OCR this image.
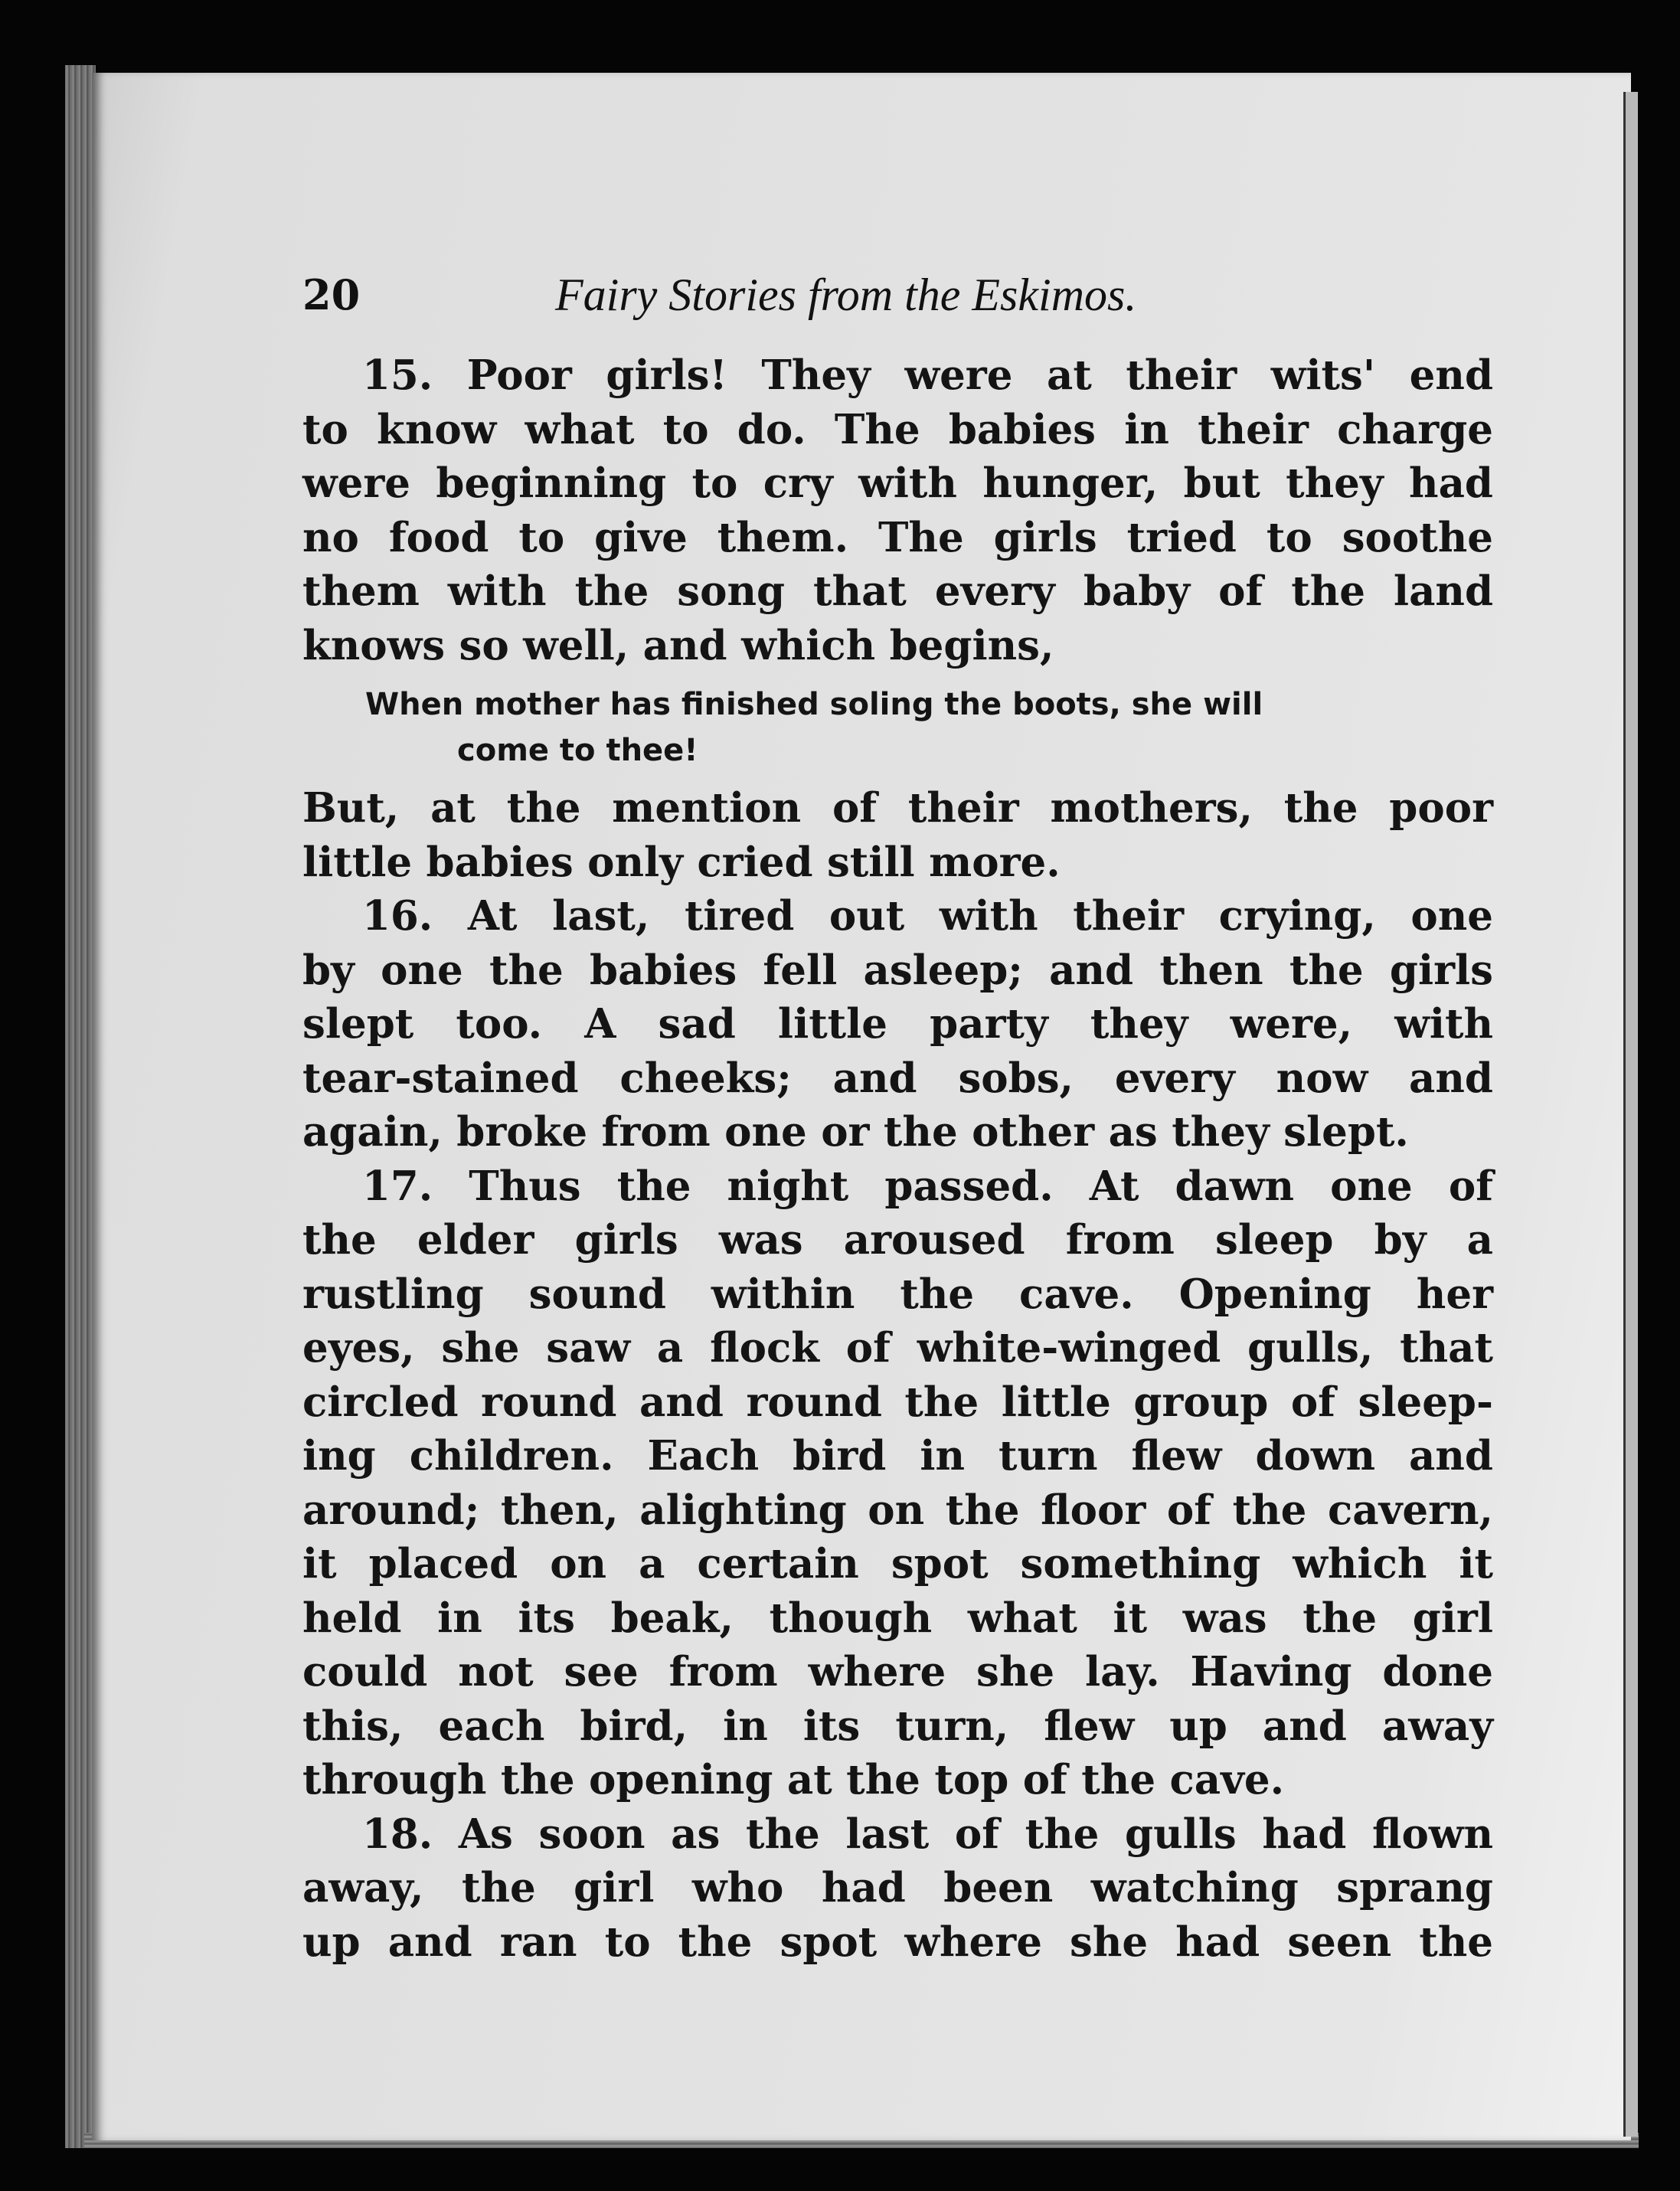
20	Fairy Stories from the Eskimos.
15. Poor girls! They were at their wits' end
to know what to do. The babies in their charge
were beginning to cry with hunger, but they had
no food to give them. The girls tried to soothe
them with the song that every baby of the land
knows so well, and which begins,
When mother has finished soling the boots, she will
come to thee!
But, at the mention of their mothers, the poor
little babies only cried still more.
16. At last, tired out with their crying, one
by one the babies fell asleep; and then the girls
slept too. A sad little party they were, with
tear-stained cheeks; and sobs, every now and
again, broke from one or the other as they slept.
17. Thus the night passed. At dawn one of
the elder girls was aroused from sleep by a
rustling sound within the cave. Opening her
eyes, she saw a flock of white-winged gulls, that
circled round and round the little group of sleep-
ing children. Each bird in turn flew down and
around; then, alighting on the floor of the cavern,
it placed on a certain spot something which it
held in its beak, though what it was the girl
could not see from where she lay. Having done
this, each bird, in its turn, flew up and away
through the opening at the top of the cave.
18. As soon as the last of the gulls had flown
away, the girl who had been watching sprang
up and ran to the spot where she had seen the
